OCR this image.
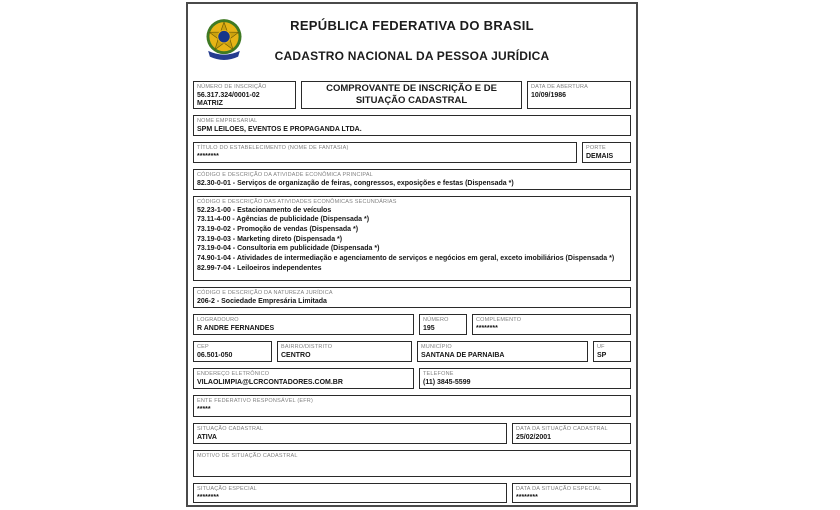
REPÚBLICA FEDERATIVA DO BRASIL
CADASTRO NACIONAL DA PESSOA JURÍDICA
NÚMERO DE INSCRIÇÃO
56.317.324/0001-02
MATRIZ
COMPROVANTE DE INSCRIÇÃO E DE SITUAÇÃO CADASTRAL
DATA DE ABERTURA
10/09/1986
NOME EMPRESARIAL
SPM LEILOES, EVENTOS E PROPAGANDA LTDA.
TÍTULO DO ESTABELECIMENTO (NOME DE FANTASIA)
********
PORTE
DEMAIS
CÓDIGO E DESCRIÇÃO DA ATIVIDADE ECONÔMICA PRINCIPAL
82.30-0-01 - Serviços de organização de feiras, congressos, exposições e festas (Dispensada *)
CÓDIGO E DESCRIÇÃO DAS ATIVIDADES ECONÔMICAS SECUNDÁRIAS
52.23-1-00 - Estacionamento de veículos
73.11-4-00 - Agências de publicidade (Dispensada *)
73.19-0-02 - Promoção de vendas (Dispensada *)
73.19-0-03 - Marketing direto (Dispensada *)
73.19-0-04 - Consultoria em publicidade (Dispensada *)
74.90-1-04 - Atividades de intermediação e agenciamento de serviços e negócios em geral, exceto imobiliários (Dispensada *)
82.99-7-04 - Leiloeiros independentes
CÓDIGO E DESCRIÇÃO DA NATUREZA JURÍDICA
206-2 - Sociedade Empresária Limitada
LOGRADOURO
R ANDRE FERNANDES
NÚMERO
195
COMPLEMENTO
********
CEP
06.501-050
BAIRRO/DISTRITO
CENTRO
MUNICÍPIO
SANTANA DE PARNAIBA
UF
SP
ENDEREÇO ELETRÔNICO
VILAOLIMPIA@LCRCONTADORES.COM.BR
TELEFONE
(11) 3845-5599
ENTE FEDERATIVO RESPONSÁVEL (EFR)
*****
SITUAÇÃO CADASTRAL
ATIVA
DATA DA SITUAÇÃO CADASTRAL
25/02/2001
MOTIVO DE SITUAÇÃO CADASTRAL
SITUAÇÃO ESPECIAL
********
DATA DA SITUAÇÃO ESPECIAL
********
